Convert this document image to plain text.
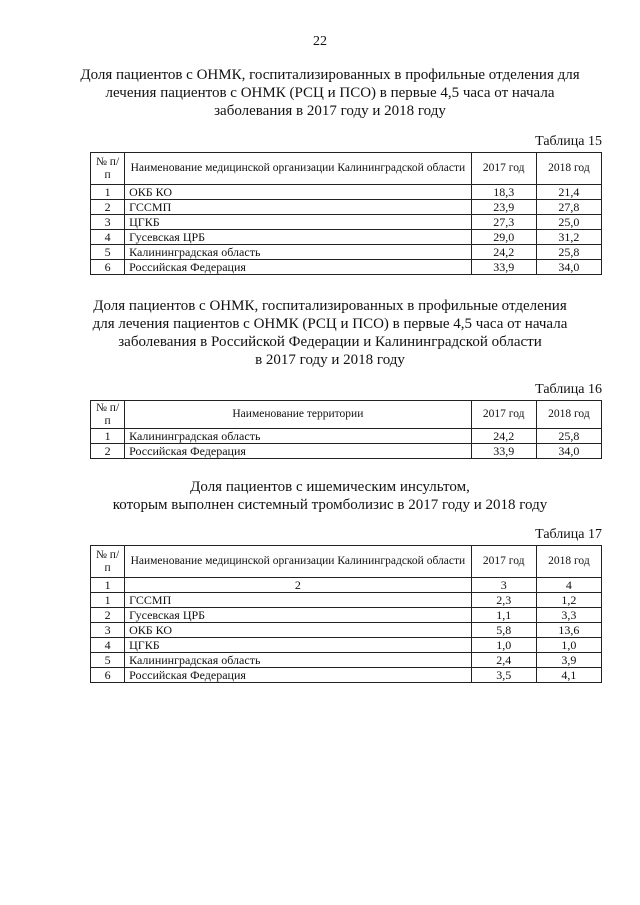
22
Доля пациентов с ОНМК, госпитализированных в профильные отделения для
лечения пациентов с ОНМК (РСЦ и ПСО) в первые 4,5 часа от начала
заболевания в 2017 году и 2018 году
Таблица 15
№ п/п	Наименование медицинской организации Калининградской области	2017 год	2018 год
1	ОКБ КО	18,3	21,4
2	ГССМП	23,9	27,8
3	ЦГКБ	27,3	25,0
4	Гусевская ЦРБ	29,0	31,2
5	Калининградская область	24,2	25,8
6	Российская Федерация	33,9	34,0
Доля пациентов с ОНМК, госпитализированных в профильные отделения
для лечения пациентов с ОНМК (РСЦ и ПСО) в первые 4,5 часа от начала
заболевания в Российской Федерации и Калининградской области
в 2017 году и 2018 году
Таблица 16
№ п/п	Наименование территории	2017 год	2018 год
1	Калининградская область	24,2	25,8
2	Российская Федерация	33,9	34,0
Доля пациентов с ишемическим инсультом,
которым выполнен системный тромболизис в 2017 году и 2018 году
Таблица 17
№ п/п	Наименование медицинской организации Калининградской области	2017 год	2018 год
1	2	3	4
1	ГССМП	2,3	1,2
2	Гусевская ЦРБ	1,1	3,3
3	ОКБ КО	5,8	13,6
4	ЦГКБ	1,0	1,0
5	Калининградская область	2,4	3,9
6	Российская Федерация	3,5	4,1
